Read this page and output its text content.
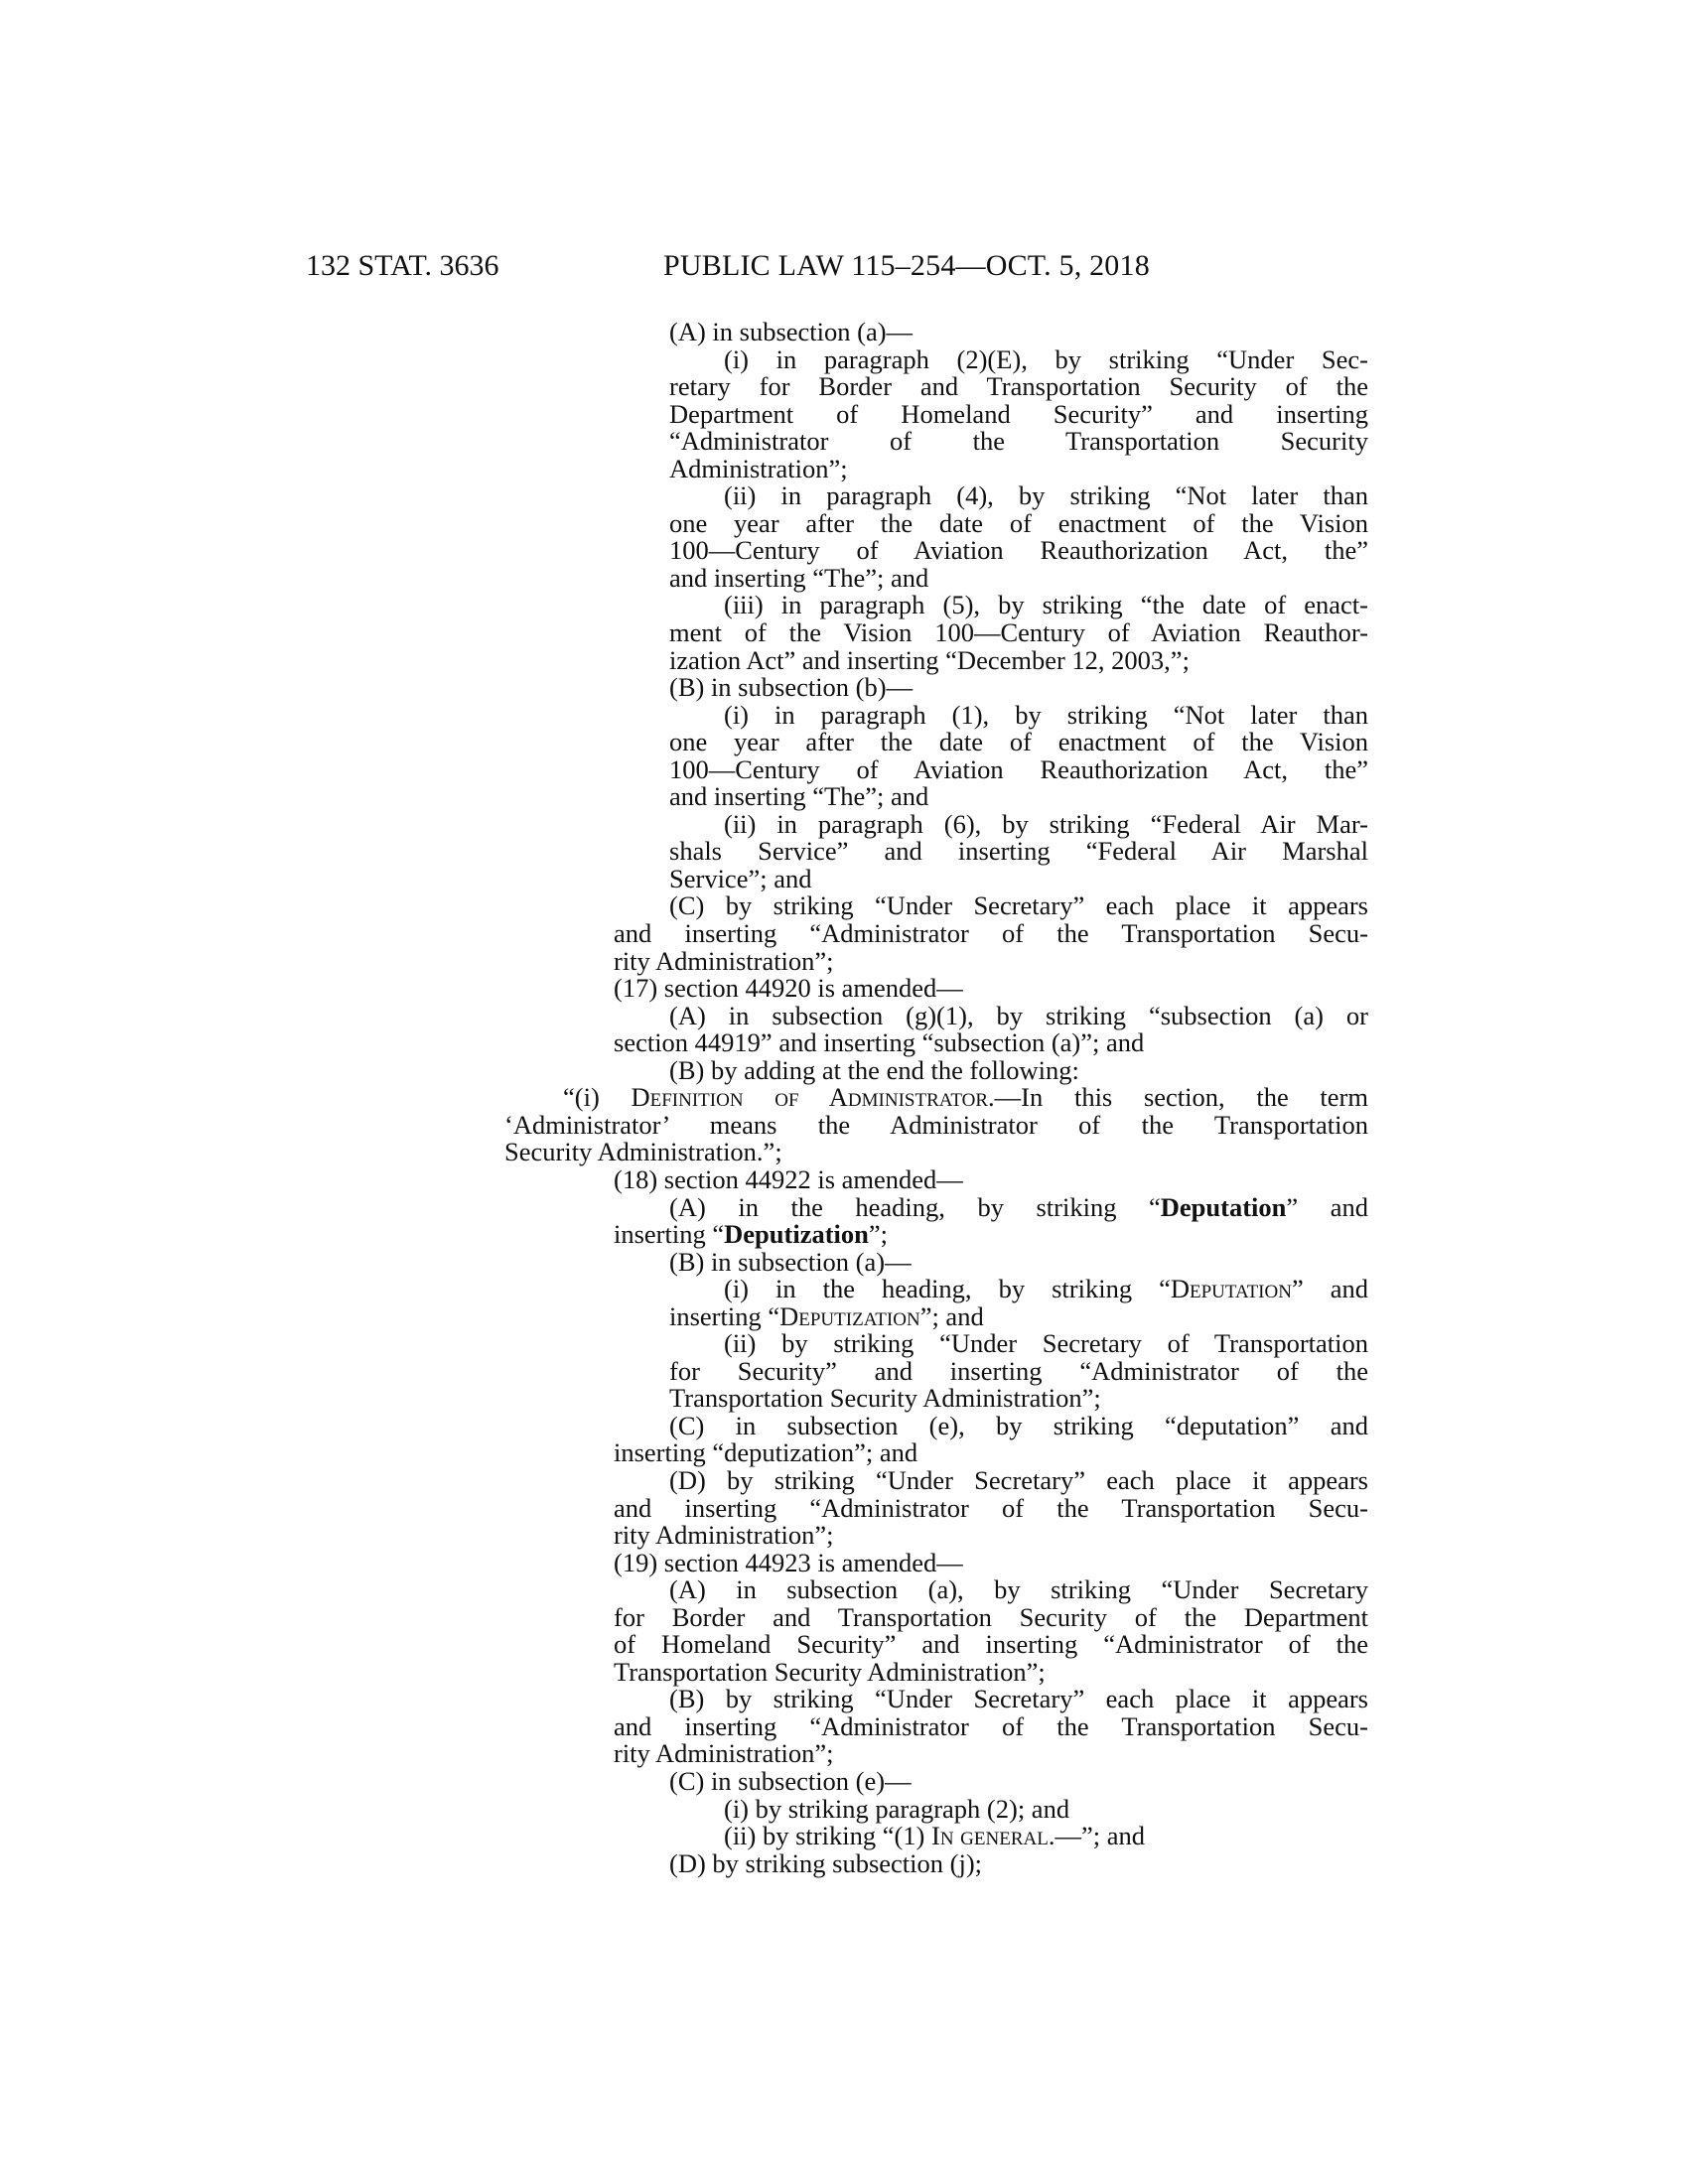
132 STAT. 3636	PUBLIC LAW 115–254—OCT. 5, 2018
(A) in subsection (a)—
(i) in paragraph (2)(E), by striking “Under Sec-
retary for Border and Transportation Security of the
Department of Homeland Security” and inserting
“Administrator of the Transportation Security
Administration”;
(ii) in paragraph (4), by striking “Not later than
one year after the date of enactment of the Vision
100—Century of Aviation Reauthorization Act, the”
and inserting “The”; and
(iii) in paragraph (5), by striking “the date of enact-
ment of the Vision 100—Century of Aviation Reauthor-
ization Act” and inserting “December 12, 2003,”;
(B) in subsection (b)—
(i) in paragraph (1), by striking “Not later than
one year after the date of enactment of the Vision
100—Century of Aviation Reauthorization Act, the”
and inserting “The”; and
(ii) in paragraph (6), by striking “Federal Air Mar-
shals Service” and inserting “Federal Air Marshal
Service”; and
(C) by striking “Under Secretary” each place it appears
and inserting “Administrator of the Transportation Secu-
rity Administration”;
(17) section 44920 is amended—
(A) in subsection (g)(1), by striking “subsection (a) or
section 44919” and inserting “subsection (a)”; and
(B) by adding at the end the following:
“(i) Definition of Administrator.—In this section, the term
‘Administrator’ means the Administrator of the Transportation
Security Administration.”;
(18) section 44922 is amended—
(A) in the heading, by striking “Deputation” and
inserting “Deputization”;
(B) in subsection (a)—
(i) in the heading, by striking “Deputation” and
inserting “Deputization”; and
(ii) by striking “Under Secretary of Transportation
for Security” and inserting “Administrator of the
Transportation Security Administration”;
(C) in subsection (e), by striking “deputation” and
inserting “deputization”; and
(D) by striking “Under Secretary” each place it appears
and inserting “Administrator of the Transportation Secu-
rity Administration”;
(19) section 44923 is amended—
(A) in subsection (a), by striking “Under Secretary
for Border and Transportation Security of the Department
of Homeland Security” and inserting “Administrator of the
Transportation Security Administration”;
(B) by striking “Under Secretary” each place it appears
and inserting “Administrator of the Transportation Secu-
rity Administration”;
(C) in subsection (e)—
(i) by striking paragraph (2); and
(ii) by striking “(1) In general.—”; and
(D) by striking subsection (j);
